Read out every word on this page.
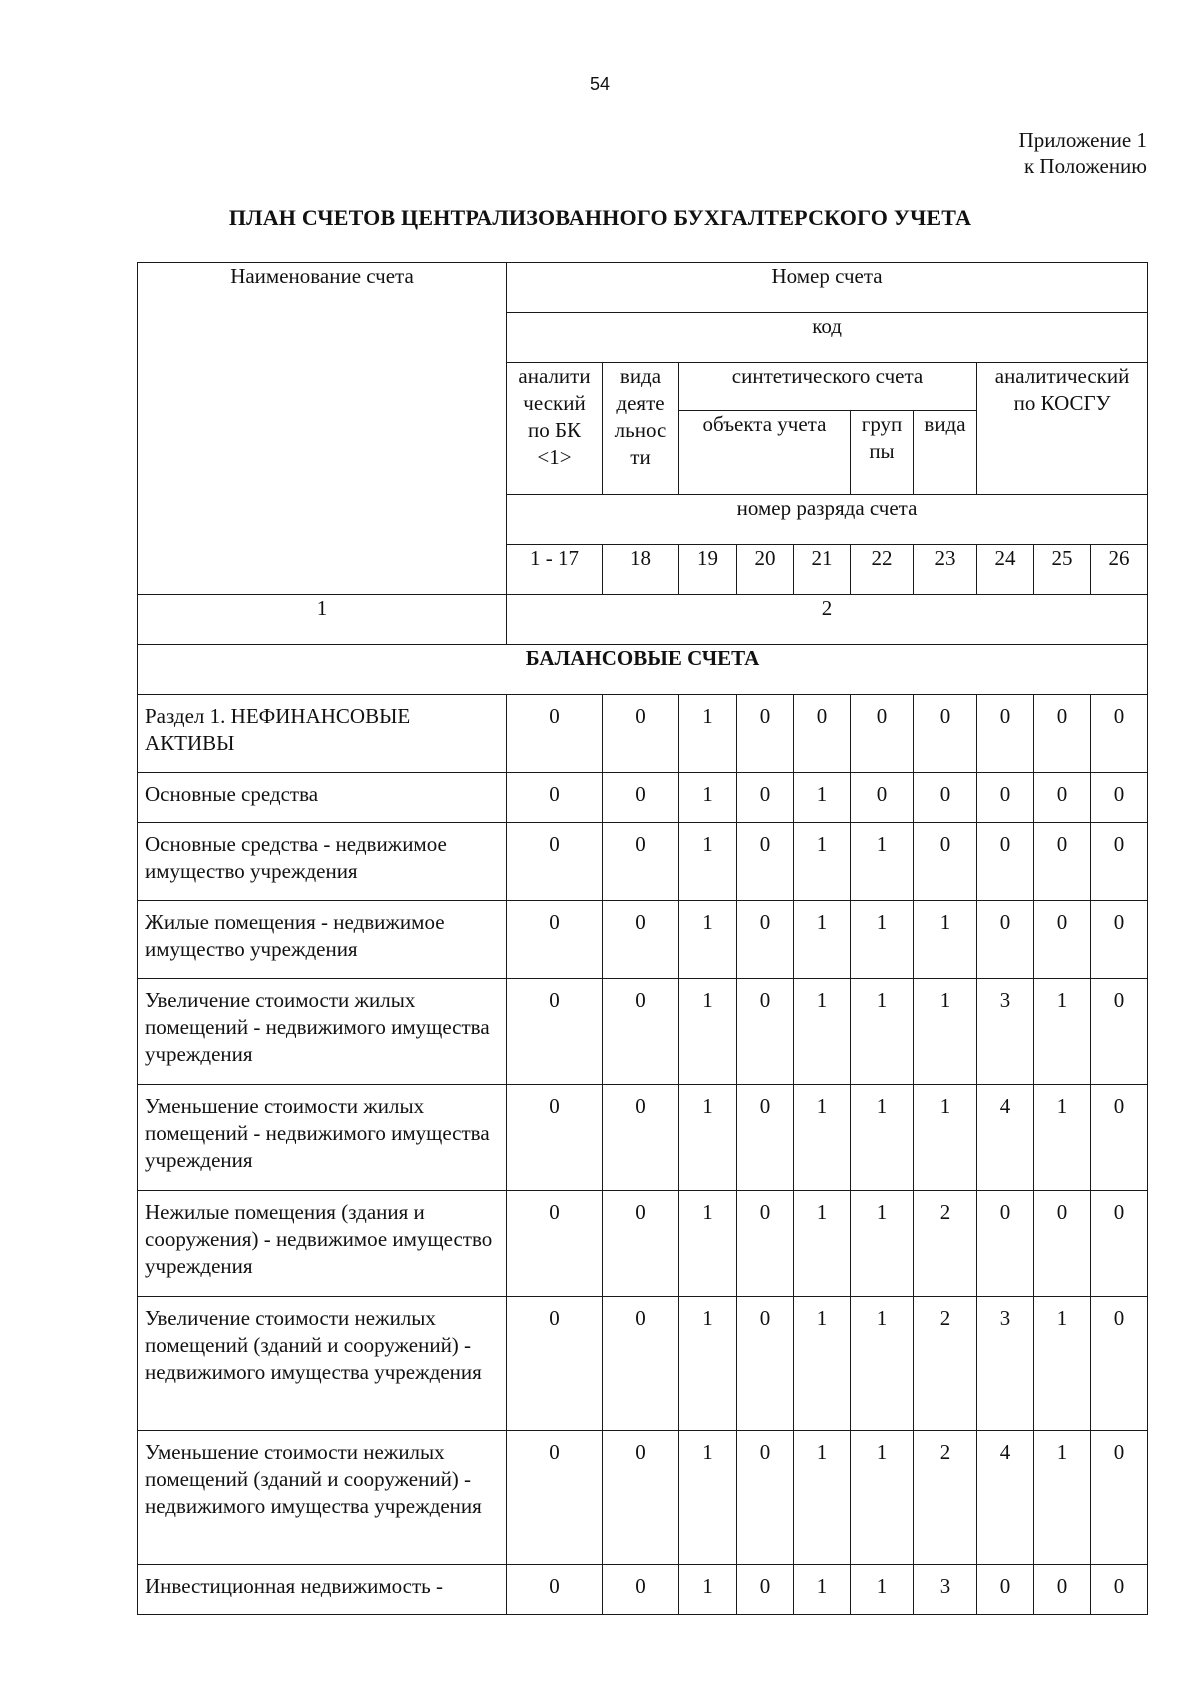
54
Приложение 1
к Положению
ПЛАН СЧЕТОВ ЦЕНТРАЛИЗОВАННОГО БУХГАЛТЕРСКОГО УЧЕТА
Наименование счета	Номер счета									
	код									
	аналити ческий по БК <1>	вида деяте льнос ти	синтетического счета					аналитический по КОСГУ		
			объекта учета			груп пы	вида			
	номер разряда счета									
	1 - 17	18	19	20	21	22	23	24	25	26
1	2									
БАЛАНСОВЫЕ СЧЕТА										
Раздел 1. НЕФИНАНСОВЫЕ АКТИВЫ	0	0	1	0	0	0	0	0	0	0
Основные средства	0	0	1	0	1	0	0	0	0	0
Основные средства - недвижимое имущество учреждения	0	0	1	0	1	1	0	0	0	0
Жилые помещения - недвижимое имущество учреждения	0	0	1	0	1	1	1	0	0	0
Увеличение стоимости жилых помещений - недвижимого имущества учреждения	0	0	1	0	1	1	1	3	1	0
Уменьшение стоимости жилых помещений - недвижимого имущества учреждения	0	0	1	0	1	1	1	4	1	0
Нежилые помещения (здания и сооружения) - недвижимое имущество учреждения	0	0	1	0	1	1	2	0	0	0
Увеличение стоимости нежилых помещений (зданий и сооружений) - недвижимого имущества учреждения	0	0	1	0	1	1	2	3	1	0
Уменьшение стоимости нежилых помещений (зданий и сооружений) - недвижимого имущества учреждения	0	0	1	0	1	1	2	4	1	0
Инвестиционная недвижимость -	0	0	1	0	1	1	3	0	0	0
